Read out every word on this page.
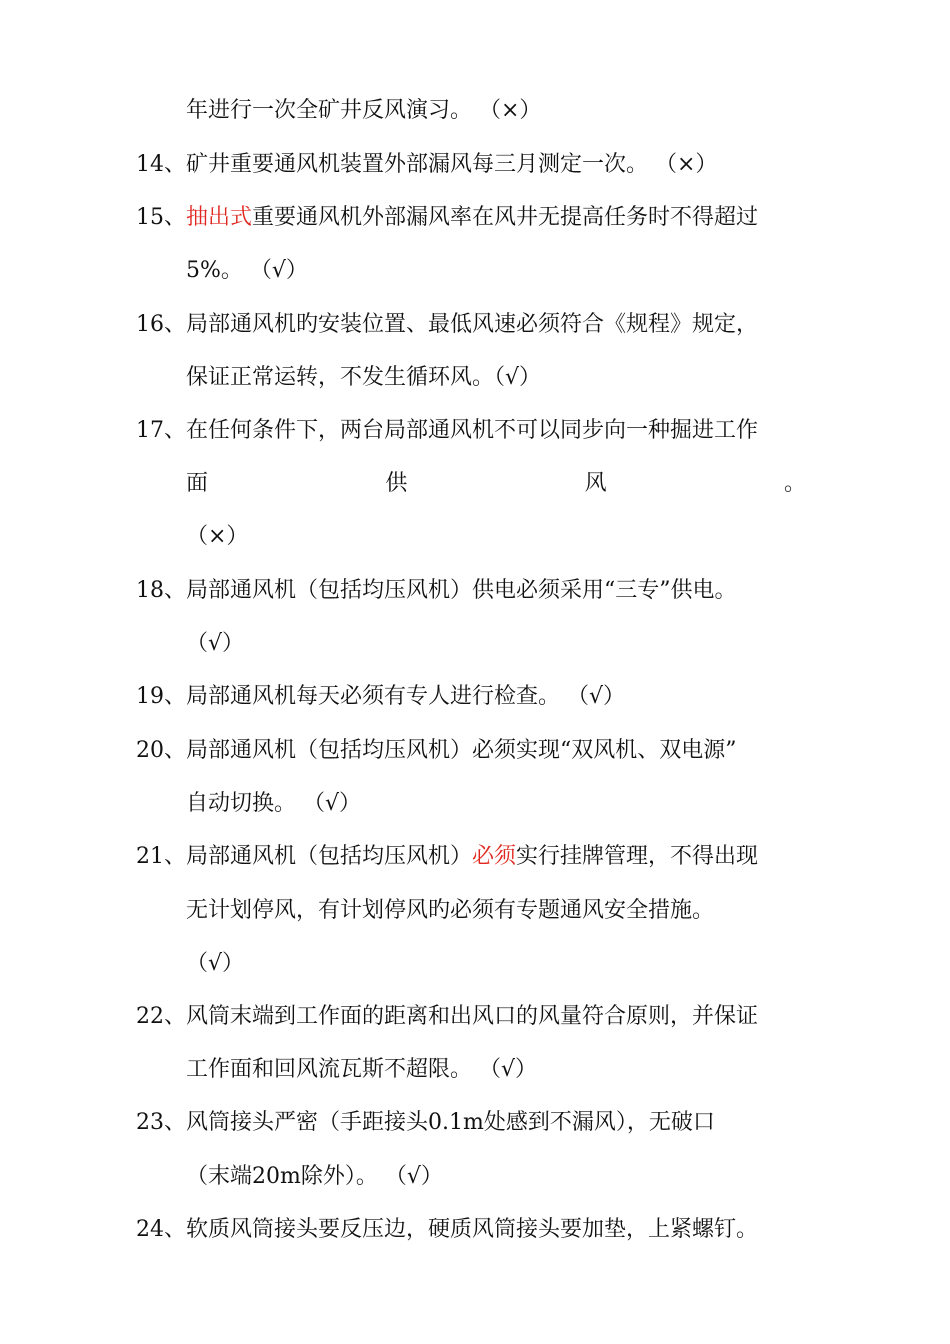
年进行一次全矿井反风演习。 （×）
14、 矿井重要通风机装置外部漏风每三月测定一次。 （×）
15、 抽出式重要通风机外部漏风率在风井无提高任务时不得超过
5%。 （√）
16、 局部通风机旳安装位置、最低风速必须符合《规程》规定，
保证正常运转，不发生循环风。（√）
17、 在任何条件下，两台局部通风机不可以同步向一种掘进工作
面	供	风	。
（×）
18、 局部通风机（包括均压风机）供电必须采用“三专”供电。
（√）
19、 局部通风机每天必须有专人进行检查。 （√）
20、 局部通风机（包括均压风机）必须实现“双风机、双电源”
自动切换。 （√）
21、 局部通风机（包括均压风机）必须实行挂牌管理，不得出现
无计划停风，有计划停风旳必须有专题通风安全措施。
（√）
22、 风筒末端到工作面的距离和出风口的风量符合原则，并保证
工作面和回风流瓦斯不超限。 （√）
23、 风筒接头严密（手距接头0.1m处感到不漏风），无破口
（末端20m除外）。 （√）
24、 软质风筒接头要反压边，硬质风筒接头要加垫，上紧螺钉。
